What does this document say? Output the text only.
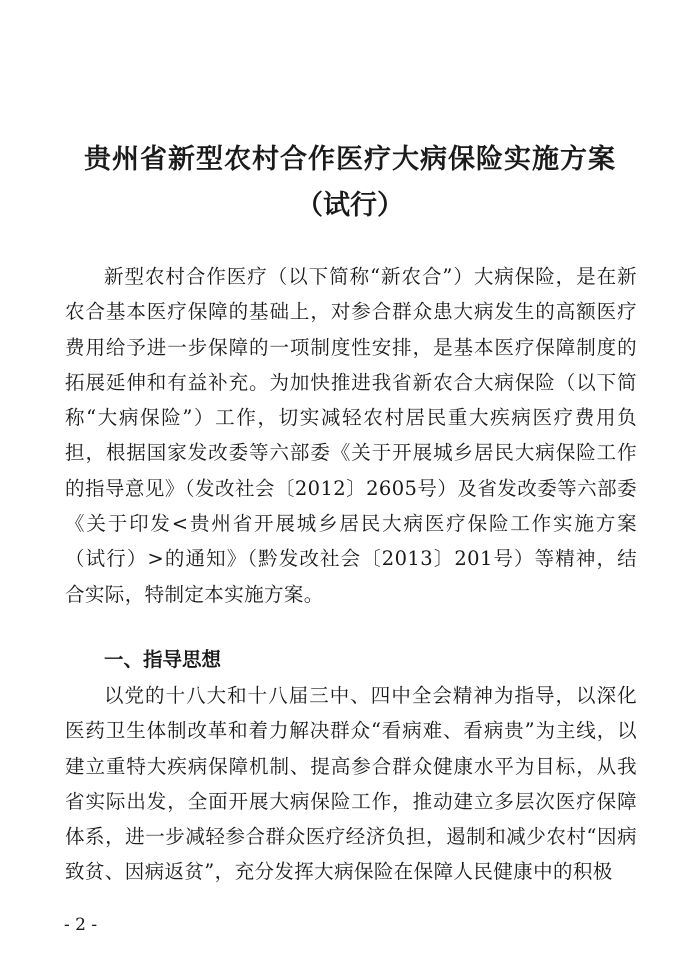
贵州省新型农村合作医疗大病保险实施方案
（试行）

新型农村合作医疗（以下简称“新农合”）大病保险，是在新农合基本医疗保障的基础上，对参合群众患大病发生的高额医疗费用给予进一步保障的一项制度性安排，是基本医疗保障制度的拓展延伸和有益补充。为加快推进我省新农合大病保险（以下简称“大病保险”）工作，切实减轻农村居民重大疾病医疗费用负担，根据国家发改委等六部委《关于开展城乡居民大病保险工作的指导意见》（发改社会〔2012〕2605号）及省发改委等六部委《关于印发<贵州省开展城乡居民大病医疗保险工作实施方案（试行）>的通知》（黔发改社会〔2013〕201号）等精神，结合实际，特制定本实施方案。

一、指导思想

以党的十八大和十八届三中、四中全会精神为指导，以深化医药卫生体制改革和着力解决群众“看病难、看病贵”为主线，以建立重特大疾病保障机制、提高参合群众健康水平为目标，从我省实际出发，全面开展大病保险工作，推动建立多层次医疗保障体系，进一步减轻参合群众医疗经济负担，遏制和减少农村“因病致贫、因病返贫”，充分发挥大病保险在保障人民健康中的积极

- 2 -
